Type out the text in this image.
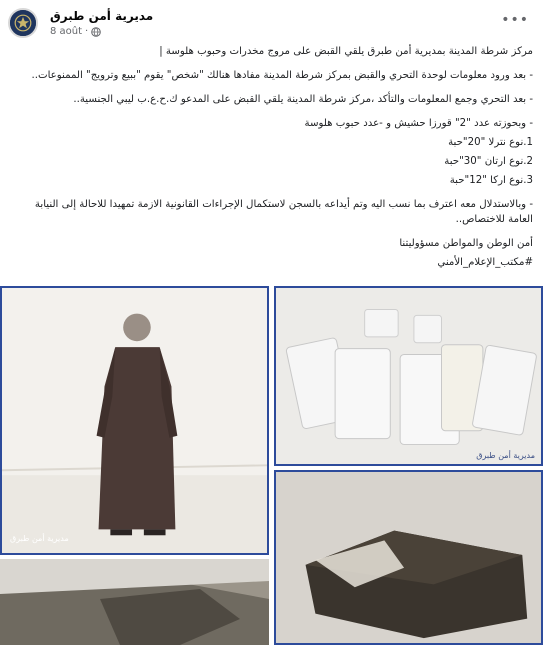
مديرية أمن طبرق
8 août ·
•••

مركز شرطة المدينة بمديرية أمن طبرق يلقي القبض على مروج مخدرات وحبوب هلوسة |

- بعد ورود معلومات لوحدة التحري والقبض بمركز شرطة المدينة مفادها هنالك "شخص" يقوم "ببيع وترويج" الممنوعات..

- بعد التحري وجمع المعلومات والتأكد ،مركز شرطة المدينة يلقي القبض على المدعو ك.ح.ع.ب ليبي الجنسية..

- وبحوزته عدد "2" قورزا حشيش و -عدد حبوب هلوسة

1.نوع نترلا "20"حبة

2.نوع ارتان "30"حبة

3.نوع اركا "12"حبة

- وبالاستدلال معه اعترف بما نسب اليه وتم أيداعه بالسجن لاستكمال الإجراءات القانونية الازمة تمهيدا للاحالة إلى النيابة العامة للاختصاص..

أمن الوطن والمواطن مسؤوليتنا

#مكتب_الإعلام_الأمني

مديرية أمن طبرق
مديرية أمن طبرق
